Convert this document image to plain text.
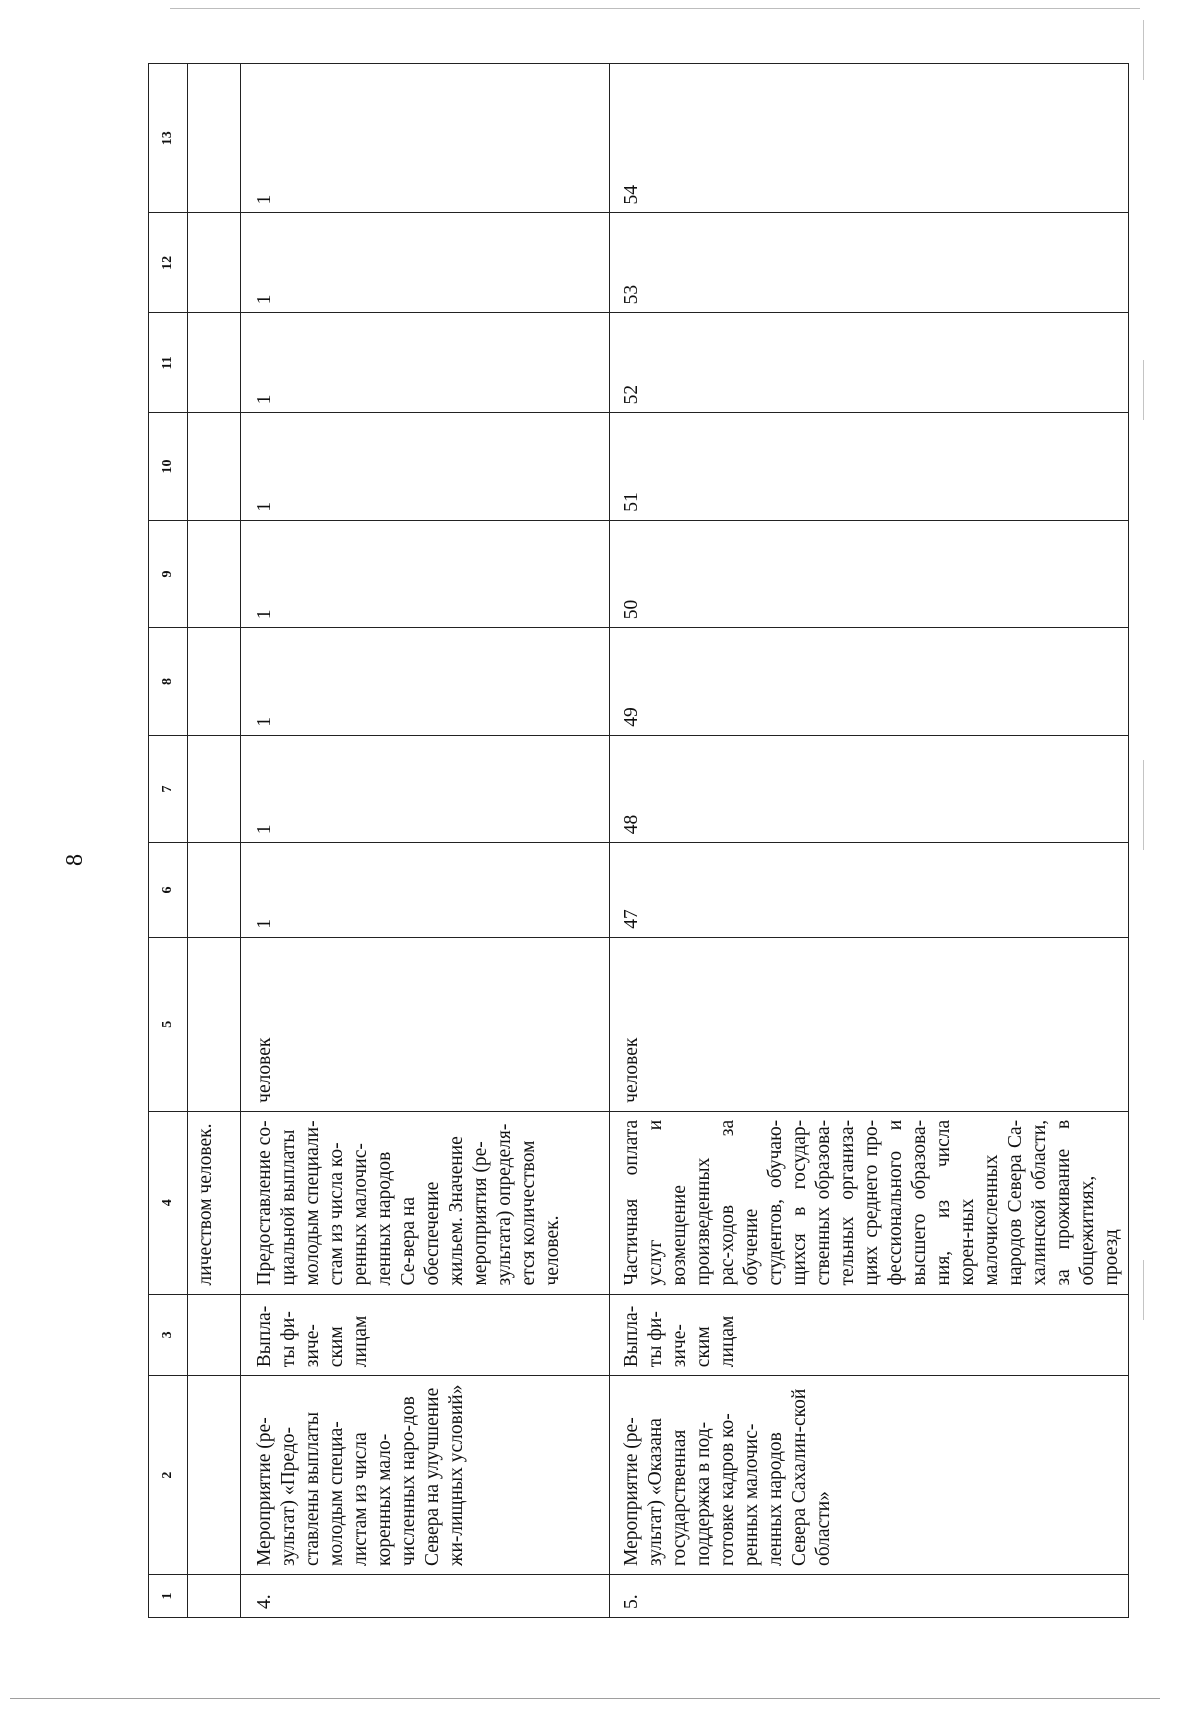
8
1	2	3	4	5	6	7	8	9	10	11	12	13
			личеством человек.									
4.	Мероприятие (ре-зультат) «Предо-ставлены выплаты молодым специа-листам из числа коренных мало-численных наро-дов Севера на улучшение жи-лищных условий»	Выпла-ты фи-зиче-ским лицам	Предоставление со-циальной выплаты молодым специали-стам из числа ко-ренных малочис-ленных народов Се-вера на обеспечение жильем. Значение мероприятия (ре-зультата) определя-ется количеством человек.	человек	1	1	1	1	1	1	1	1
5.	Мероприятие (ре-зультат) «Оказана государственная поддержка в под-готовке кадров ко-ренных малочис-ленных народов Севера Сахалин-ской области»	Выпла-ты фи-зиче-ским лицам	Частичная оплата услуг и возмещение произведенных рас-ходов за обучение студентов, обучаю-щихся в государ-ственных образова-тельных организа-циях среднего про-фессионального и высшего образова-ния, из числа корен-ных малочисленных народов Севера Са-халинской области, за проживание в общежитиях, проезд	человек	47	48	49	50	51	52	53	54
